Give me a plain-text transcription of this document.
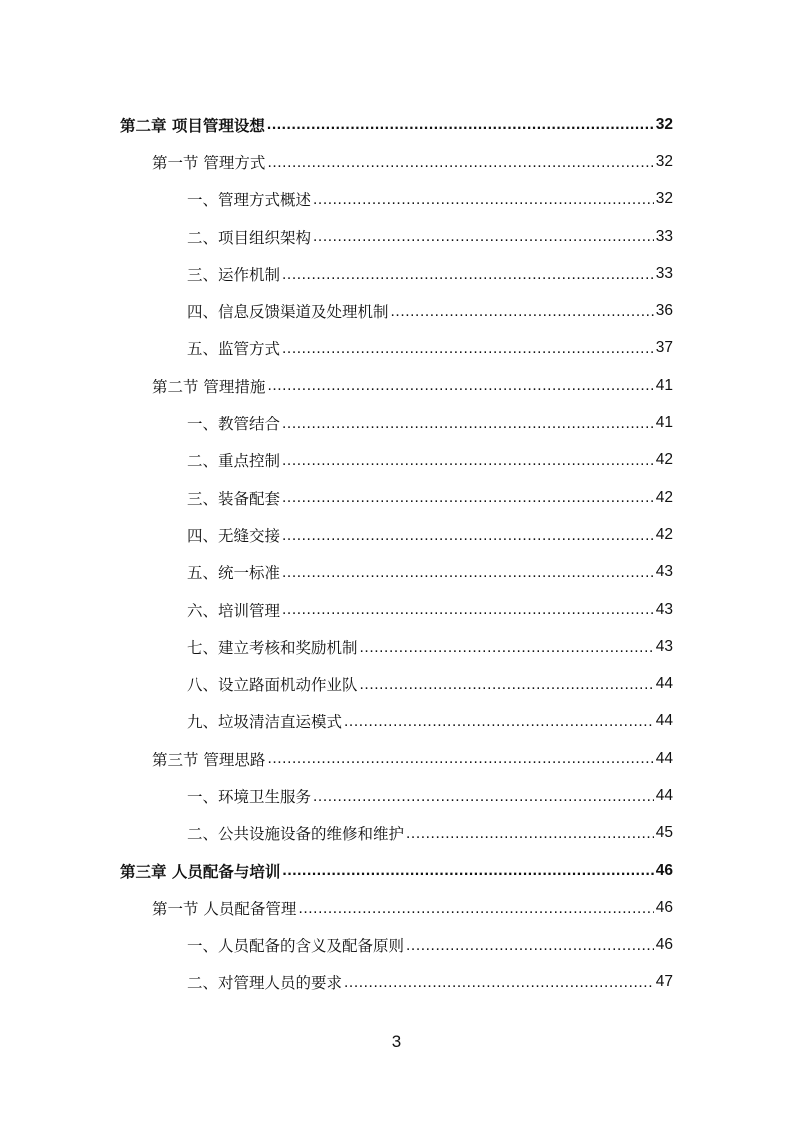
第二章 项目管理设想 .....	32
第一节 管理方式 .....	32
一、管理方式概述 .....	32
二、项目组织架构 .....	33
三、运作机制 .....	33
四、信息反馈渠道及处理机制 .....	36
五、监管方式 .....	37
第二节 管理措施 .....	41
一、教管结合 .....	41
二、重点控制 .....	42
三、装备配套 .....	42
四、无缝交接 .....	42
五、统一标准 .....	43
六、培训管理 .....	43
七、建立考核和奖励机制 .....	43
八、设立路面机动作业队 .....	44
九、垃圾清洁直运模式 .....	44
第三节 管理思路 .....	44
一、环境卫生服务 .....	44
二、公共设施设备的维修和维护 .....	45
第三章 人员配备与培训 .....	46
第一节 人员配备管理 .....	46
一、人员配备的含义及配备原则 .....	46
二、对管理人员的要求 .....	47
3
